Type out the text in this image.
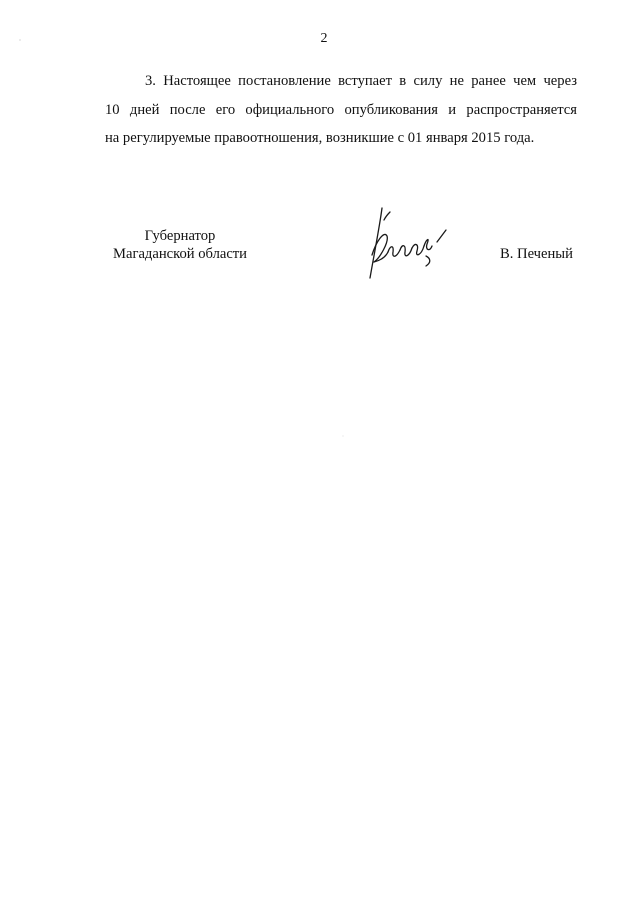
2
3. Настоящее постановление вступает в силу не ранее чем через
10 дней после его официального опубликования и распространяется
на регулируемые правоотношения, возникшие с 01 января 2015 года.
Губернатор
Магаданской области	В. Печеный
